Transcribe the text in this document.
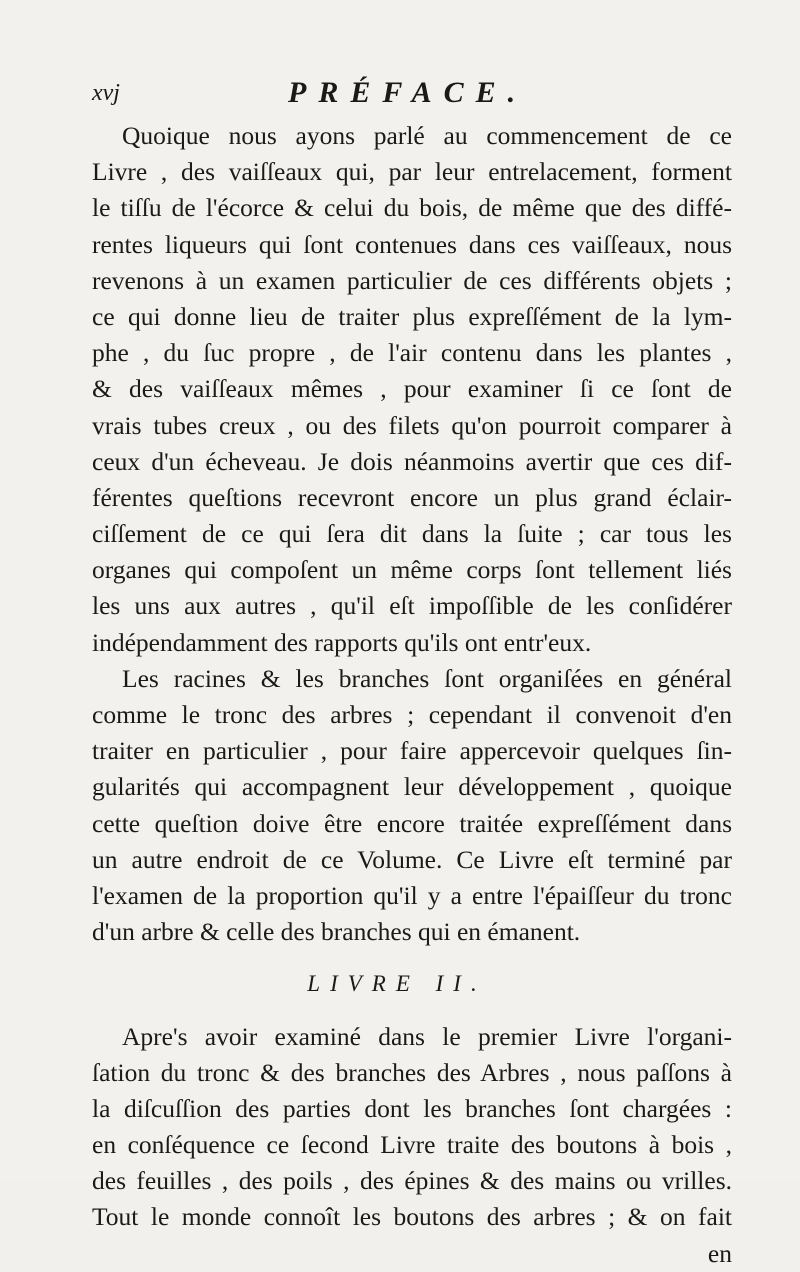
xvj	PRÉFACE.
Quoique nous ayons parlé au commencement de ce
Livre , des vaiſſeaux qui, par leur entrelacement, forment
le tiſſu de l'écorce & celui du bois, de même que des diffé-
rentes liqueurs qui ſont contenues dans ces vaiſſeaux, nous
revenons à un examen particulier de ces différents objets ;
ce qui donne lieu de traiter plus expreſſément de la lym-
phe , du ſuc propre , de l'air contenu dans les plantes ,
& des vaiſſeaux mêmes , pour examiner ſi ce ſont de
vrais tubes creux , ou des filets qu'on pourroit comparer à
ceux d'un écheveau. Je dois néanmoins avertir que ces dif-
férentes queſtions recevront encore un plus grand éclair-
ciſſement de ce qui ſera dit dans la ſuite ; car tous les
organes qui compoſent un même corps ſont tellement liés
les uns aux autres , qu'il eſt impoſſible de les conſidérer
indépendamment des rapports qu'ils ont entr'eux.
Les racines & les branches ſont organiſées en général
comme le tronc des arbres ; cependant il convenoit d'en
traiter en particulier , pour faire appercevoir quelques ſin-
gularités qui accompagnent leur développement , quoique
cette queſtion doive être encore traitée expreſſément dans
un autre endroit de ce Volume. Ce Livre eſt terminé par
l'examen de la proportion qu'il y a entre l'épaiſſeur du tronc
d'un arbre & celle des branches qui en émanent.
LIVRE II.
Apre's avoir examiné dans le premier Livre l'organi-
ſation du tronc & des branches des Arbres , nous paſſons à
la diſcuſſion des parties dont les branches ſont chargées :
en conſéquence ce ſecond Livre traite des boutons à bois ,
des feuilles , des poils , des épines & des mains ou vrilles.
Tout le monde connoît les boutons des arbres ; & on fait
en
